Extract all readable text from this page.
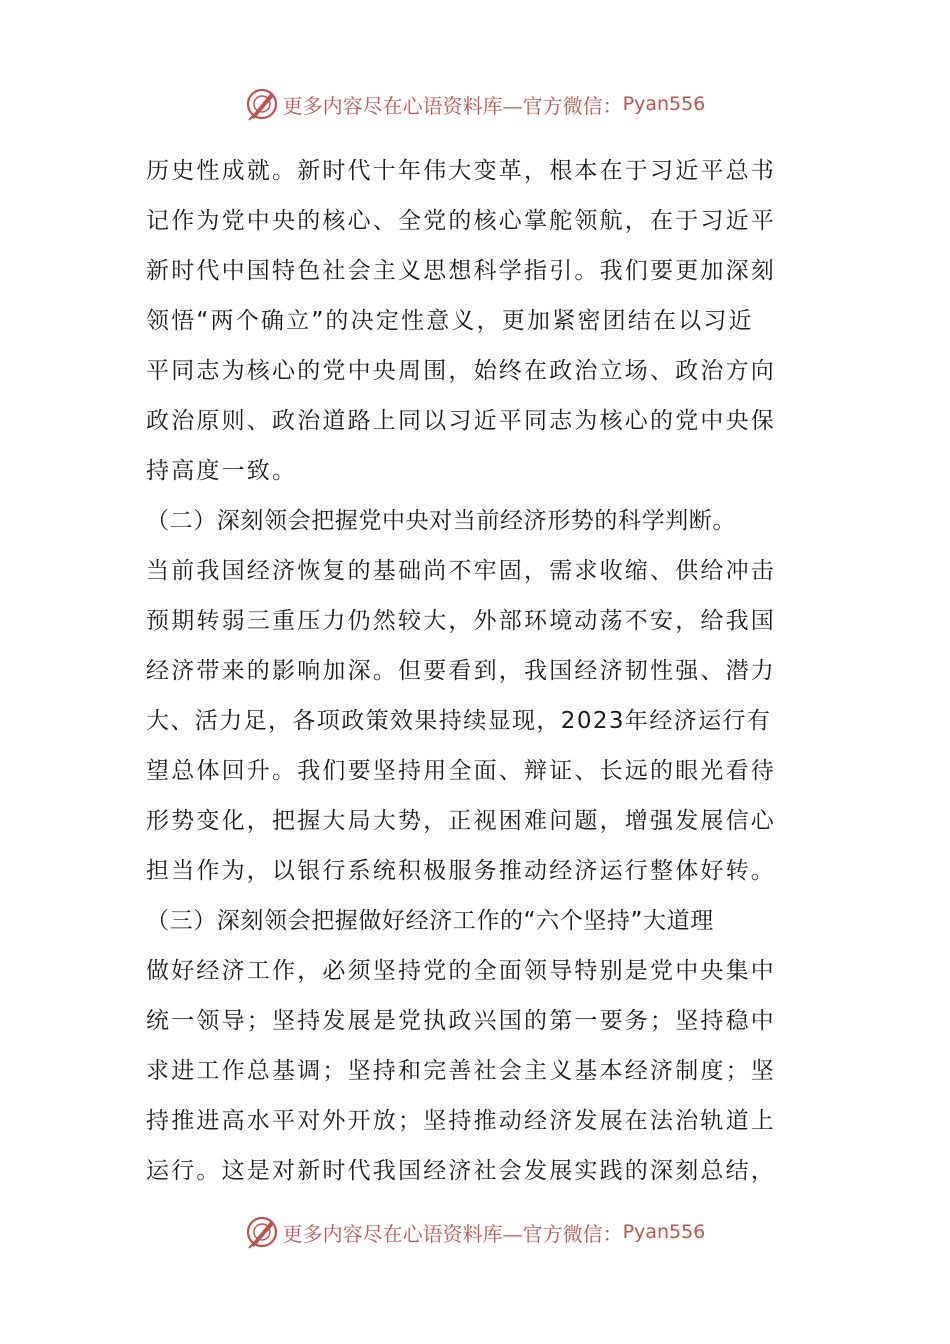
更多内容尽在心语资料库—官方微信： Pyan556
历史性成就。新时代十年伟大变革，根本在于习近平总书
记作为党中央的核心、全党的核心掌舵领航，在于习近平
新时代中国特色社会主义思想科学指引。我们要更加深刻
领悟“两个确立”的决定性意义，更加紧密团结在以习近
平同志为核心的党中央周围，始终在政治立场、政治方向
政治原则、政治道路上同以习近平同志为核心的党中央保
持高度一致。
（二）深刻领会把握党中央对当前经济形势的科学判断。
当前我国经济恢复的基础尚不牢固，需求收缩、供给冲击
预期转弱三重压力仍然较大，外部环境动荡不安，给我国
经济带来的影响加深。但要看到，我国经济韧性强、潜力
大、活力足，各项政策效果持续显现，2023年经济运行有
望总体回升。我们要坚持用全面、辩证、长远的眼光看待
形势变化，把握大局大势，正视困难问题，增强发展信心
担当作为，以银行系统积极服务推动经济运行整体好转。
（三）深刻领会把握做好经济工作的“六个坚持”大道理
做好经济工作，必须坚持党的全面领导特别是党中央集中
统一领导；坚持发展是党执政兴国的第一要务；坚持稳中
求进工作总基调；坚持和完善社会主义基本经济制度；坚
持推进高水平对外开放；坚持推动经济发展在法治轨道上
运行。这是对新时代我国经济社会发展实践的深刻总结，
更多内容尽在心语资料库—官方微信： Pyan556
